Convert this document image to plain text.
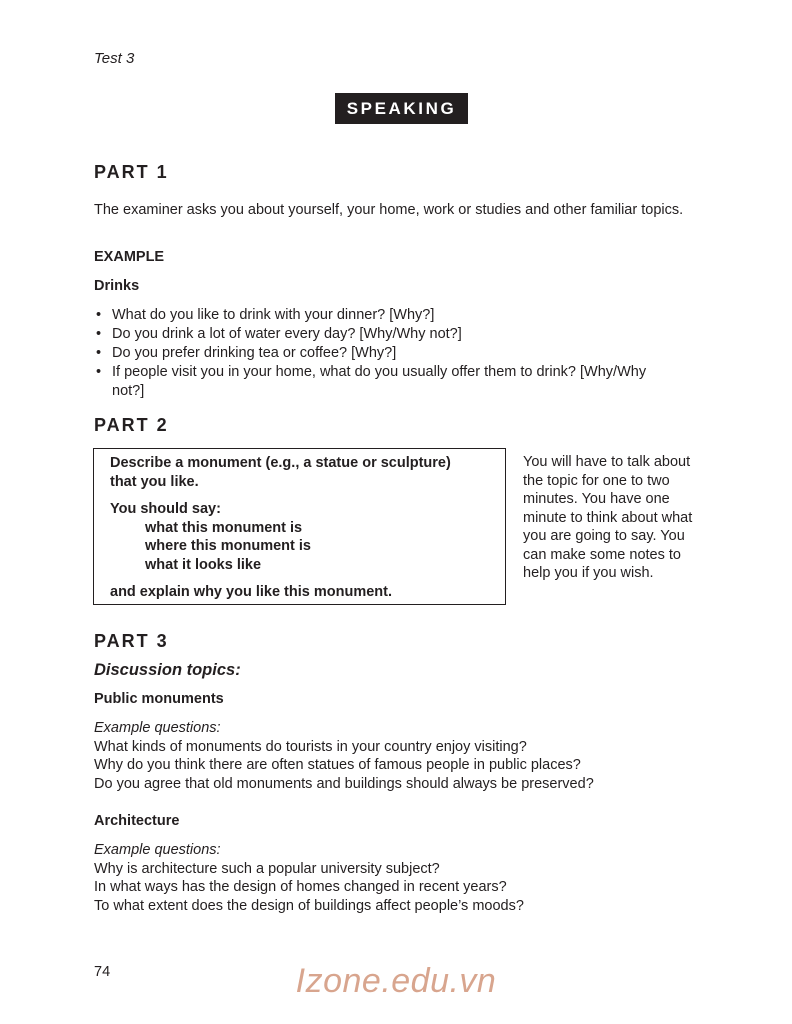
Test 3
SPEAKING
PART 1
The examiner asks you about yourself, your home, work or studies and other familiar topics.
EXAMPLE
Drinks
• What do you like to drink with your dinner? [Why?]
• Do you drink a lot of water every day? [Why/Why not?]
• Do you prefer drinking tea or coffee? [Why?]
• If people visit you in your home, what do you usually offer them to drink? [Why/Why not?]
PART 2
Describe a monument (e.g., a statue or sculpture)
that you like.
You should say:
what this monument is
where this monument is
what it looks like
and explain why you like this monument.
You will have to talk about the topic for one to two minutes. You have one minute to think about what you are going to say. You can make some notes to help you if you wish.
PART 3
Discussion topics:
Public monuments
Example questions:
What kinds of monuments do tourists in your country enjoy visiting?
Why do you think there are often statues of famous people in public places?
Do you agree that old monuments and buildings should always be preserved?
Architecture
Example questions:
Why is architecture such a popular university subject?
In what ways has the design of homes changed in recent years?
To what extent does the design of buildings affect people’s moods?
74	Izone.edu.vn
